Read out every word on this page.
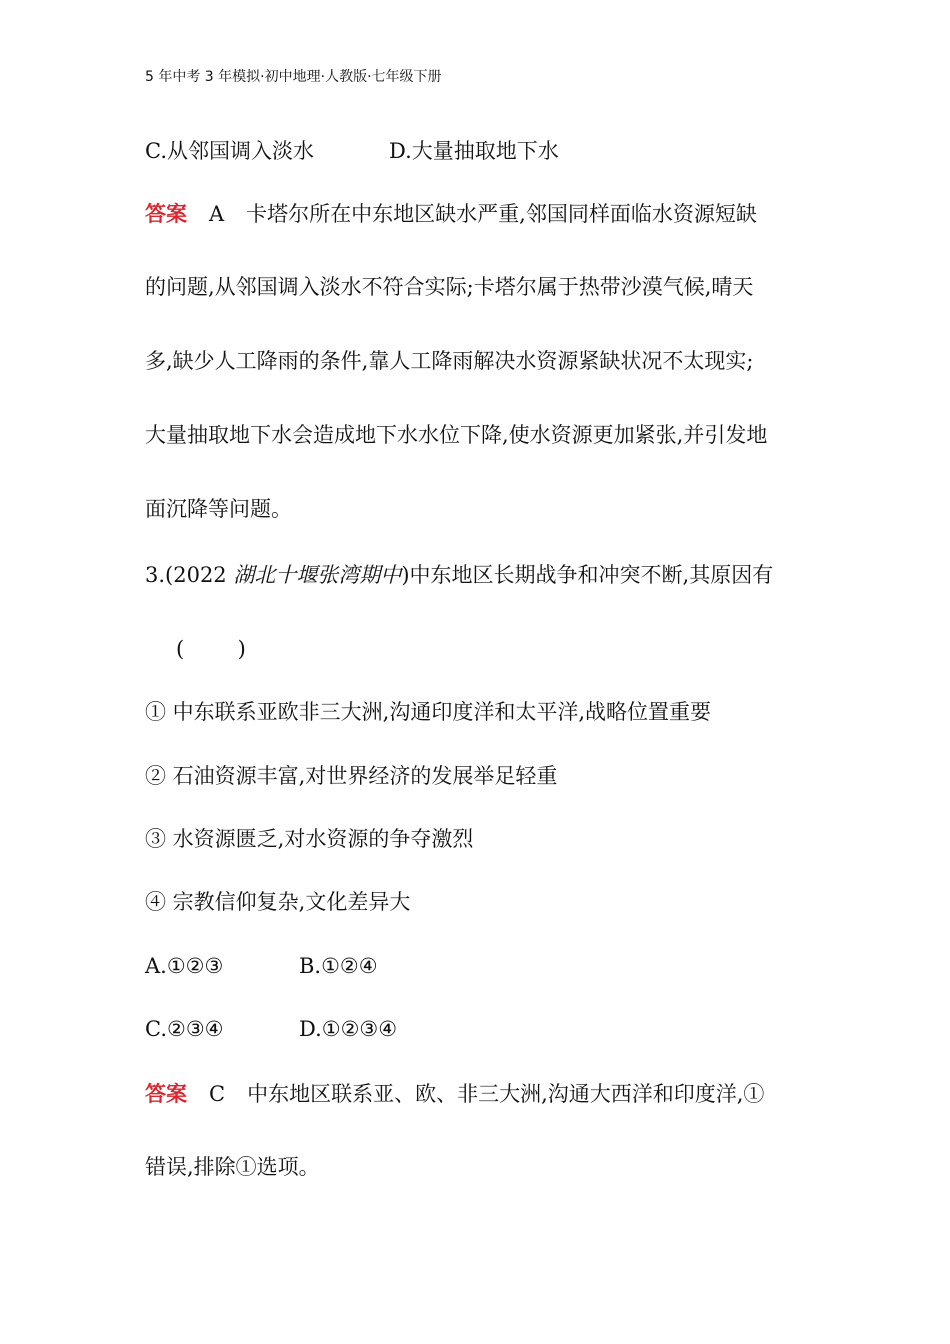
5 年中考 3 年模拟·初中地理·人教版·七年级下册
C.从邻国调入淡水	D.大量抽取地下水
答案 A 卡塔尔所在中东地区缺水严重,邻国同样面临水资源短缺
的问题,从邻国调入淡水不符合实际;卡塔尔属于热带沙漠气候,晴天
多,缺少人工降雨的条件,靠人工降雨解决水资源紧缺状况不太现实;
大量抽取地下水会造成地下水水位下降,使水资源更加紧张,并引发地
面沉降等问题。
3.(2022 湖北十堰张湾期中)中东地区长期战争和冲突不断,其原因有
(        )
① 中东联系亚欧非三大洲,沟通印度洋和太平洋,战略位置重要
② 石油资源丰富,对世界经济的发展举足轻重
③ 水资源匮乏,对水资源的争夺激烈
④ 宗教信仰复杂,文化差异大
A.①②③	B.①②④
C.②③④	D.①②③④
答案 C 中东地区联系亚、欧、非三大洲,沟通大西洋和印度洋,①
错误,排除①选项。
